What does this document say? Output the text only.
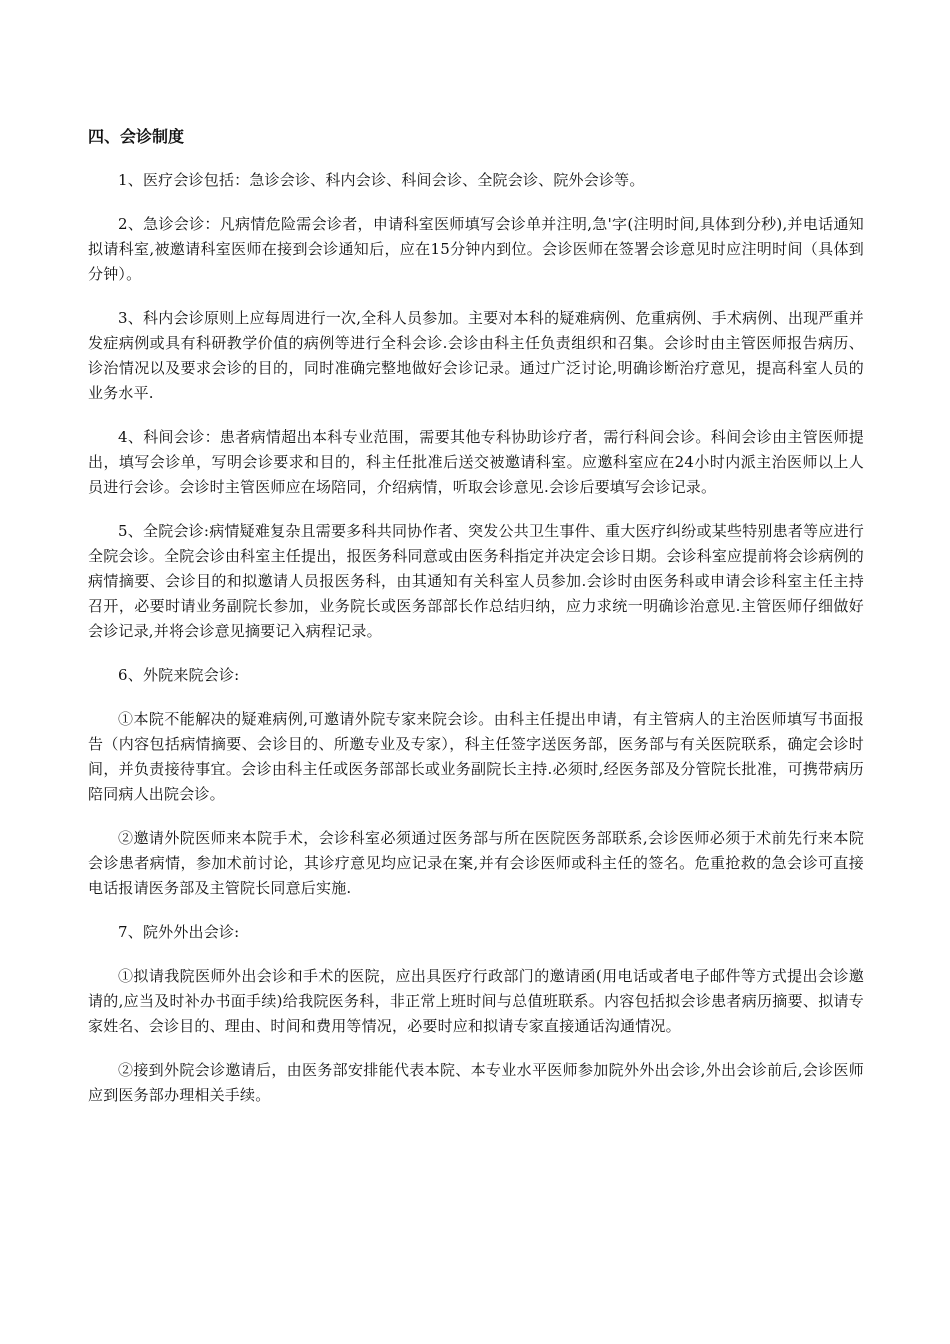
四、会诊制度

1、医疗会诊包括：急诊会诊、科内会诊、科间会诊、全院会诊、院外会诊等。

2、急诊会诊：凡病情危险需会诊者，申请科室医师填写会诊单并注明,急'字(注明时间,具体到分秒),并电话通知拟请科室,被邀请科室医师在接到会诊通知后，应在15分钟内到位。会诊医师在签署会诊意见时应注明时间（具体到分钟）。

3、科内会诊原则上应每周进行一次,全科人员参加。主要对本科的疑难病例、危重病例、手术病例、出现严重并发症病例或具有科研教学价值的病例等进行全科会诊.会诊由科主任负责组织和召集。会诊时由主管医师报告病历、诊治情况以及要求会诊的目的，同时准确完整地做好会诊记录。通过广泛讨论,明确诊断治疗意见，提高科室人员的业务水平.

4、科间会诊：患者病情超出本科专业范围，需要其他专科协助诊疗者，需行科间会诊。科间会诊由主管医师提出，填写会诊单，写明会诊要求和目的，科主任批准后送交被邀请科室。应邀科室应在24小时内派主治医师以上人员进行会诊。会诊时主管医师应在场陪同，介绍病情，听取会诊意见.会诊后要填写会诊记录。

5、全院会诊:病情疑难复杂且需要多科共同协作者、突发公共卫生事件、重大医疗纠纷或某些特别患者等应进行全院会诊。全院会诊由科室主任提出，报医务科同意或由医务科指定并决定会诊日期。会诊科室应提前将会诊病例的病情摘要、会诊目的和拟邀请人员报医务科，由其通知有关科室人员参加.会诊时由医务科或申请会诊科室主任主持召开，必要时请业务副院长参加，业务院长或医务部部长作总结归纳，应力求统一明确诊治意见.主管医师仔细做好会诊记录,并将会诊意见摘要记入病程记录。

6、外院来院会诊:

①本院不能解决的疑难病例,可邀请外院专家来院会诊。由科主任提出申请，有主管病人的主治医师填写书面报告（内容包括病情摘要、会诊目的、所邀专业及专家），科主任签字送医务部，医务部与有关医院联系，确定会诊时间，并负责接待事宜。会诊由科主任或医务部部长或业务副院长主持.必须时,经医务部及分管院长批准，可携带病历陪同病人出院会诊。

②邀请外院医师来本院手术，会诊科室必须通过医务部与所在医院医务部联系,会诊医师必须于术前先行来本院会诊患者病情，参加术前讨论，其诊疗意见均应记录在案,并有会诊医师或科主任的签名。危重抢救的急会诊可直接电话报请医务部及主管院长同意后实施.

7、院外外出会诊:

①拟请我院医师外出会诊和手术的医院，应出具医疗行政部门的邀请函(用电话或者电子邮件等方式提出会诊邀请的,应当及时补办书面手续)给我院医务科，非正常上班时间与总值班联系。内容包括拟会诊患者病历摘要、拟请专家姓名、会诊目的、理由、时间和费用等情况，必要时应和拟请专家直接通话沟通情况。

②接到外院会诊邀请后，由医务部安排能代表本院、本专业水平医师参加院外外出会诊,外出会诊前后,会诊医师应到医务部办理相关手续。
